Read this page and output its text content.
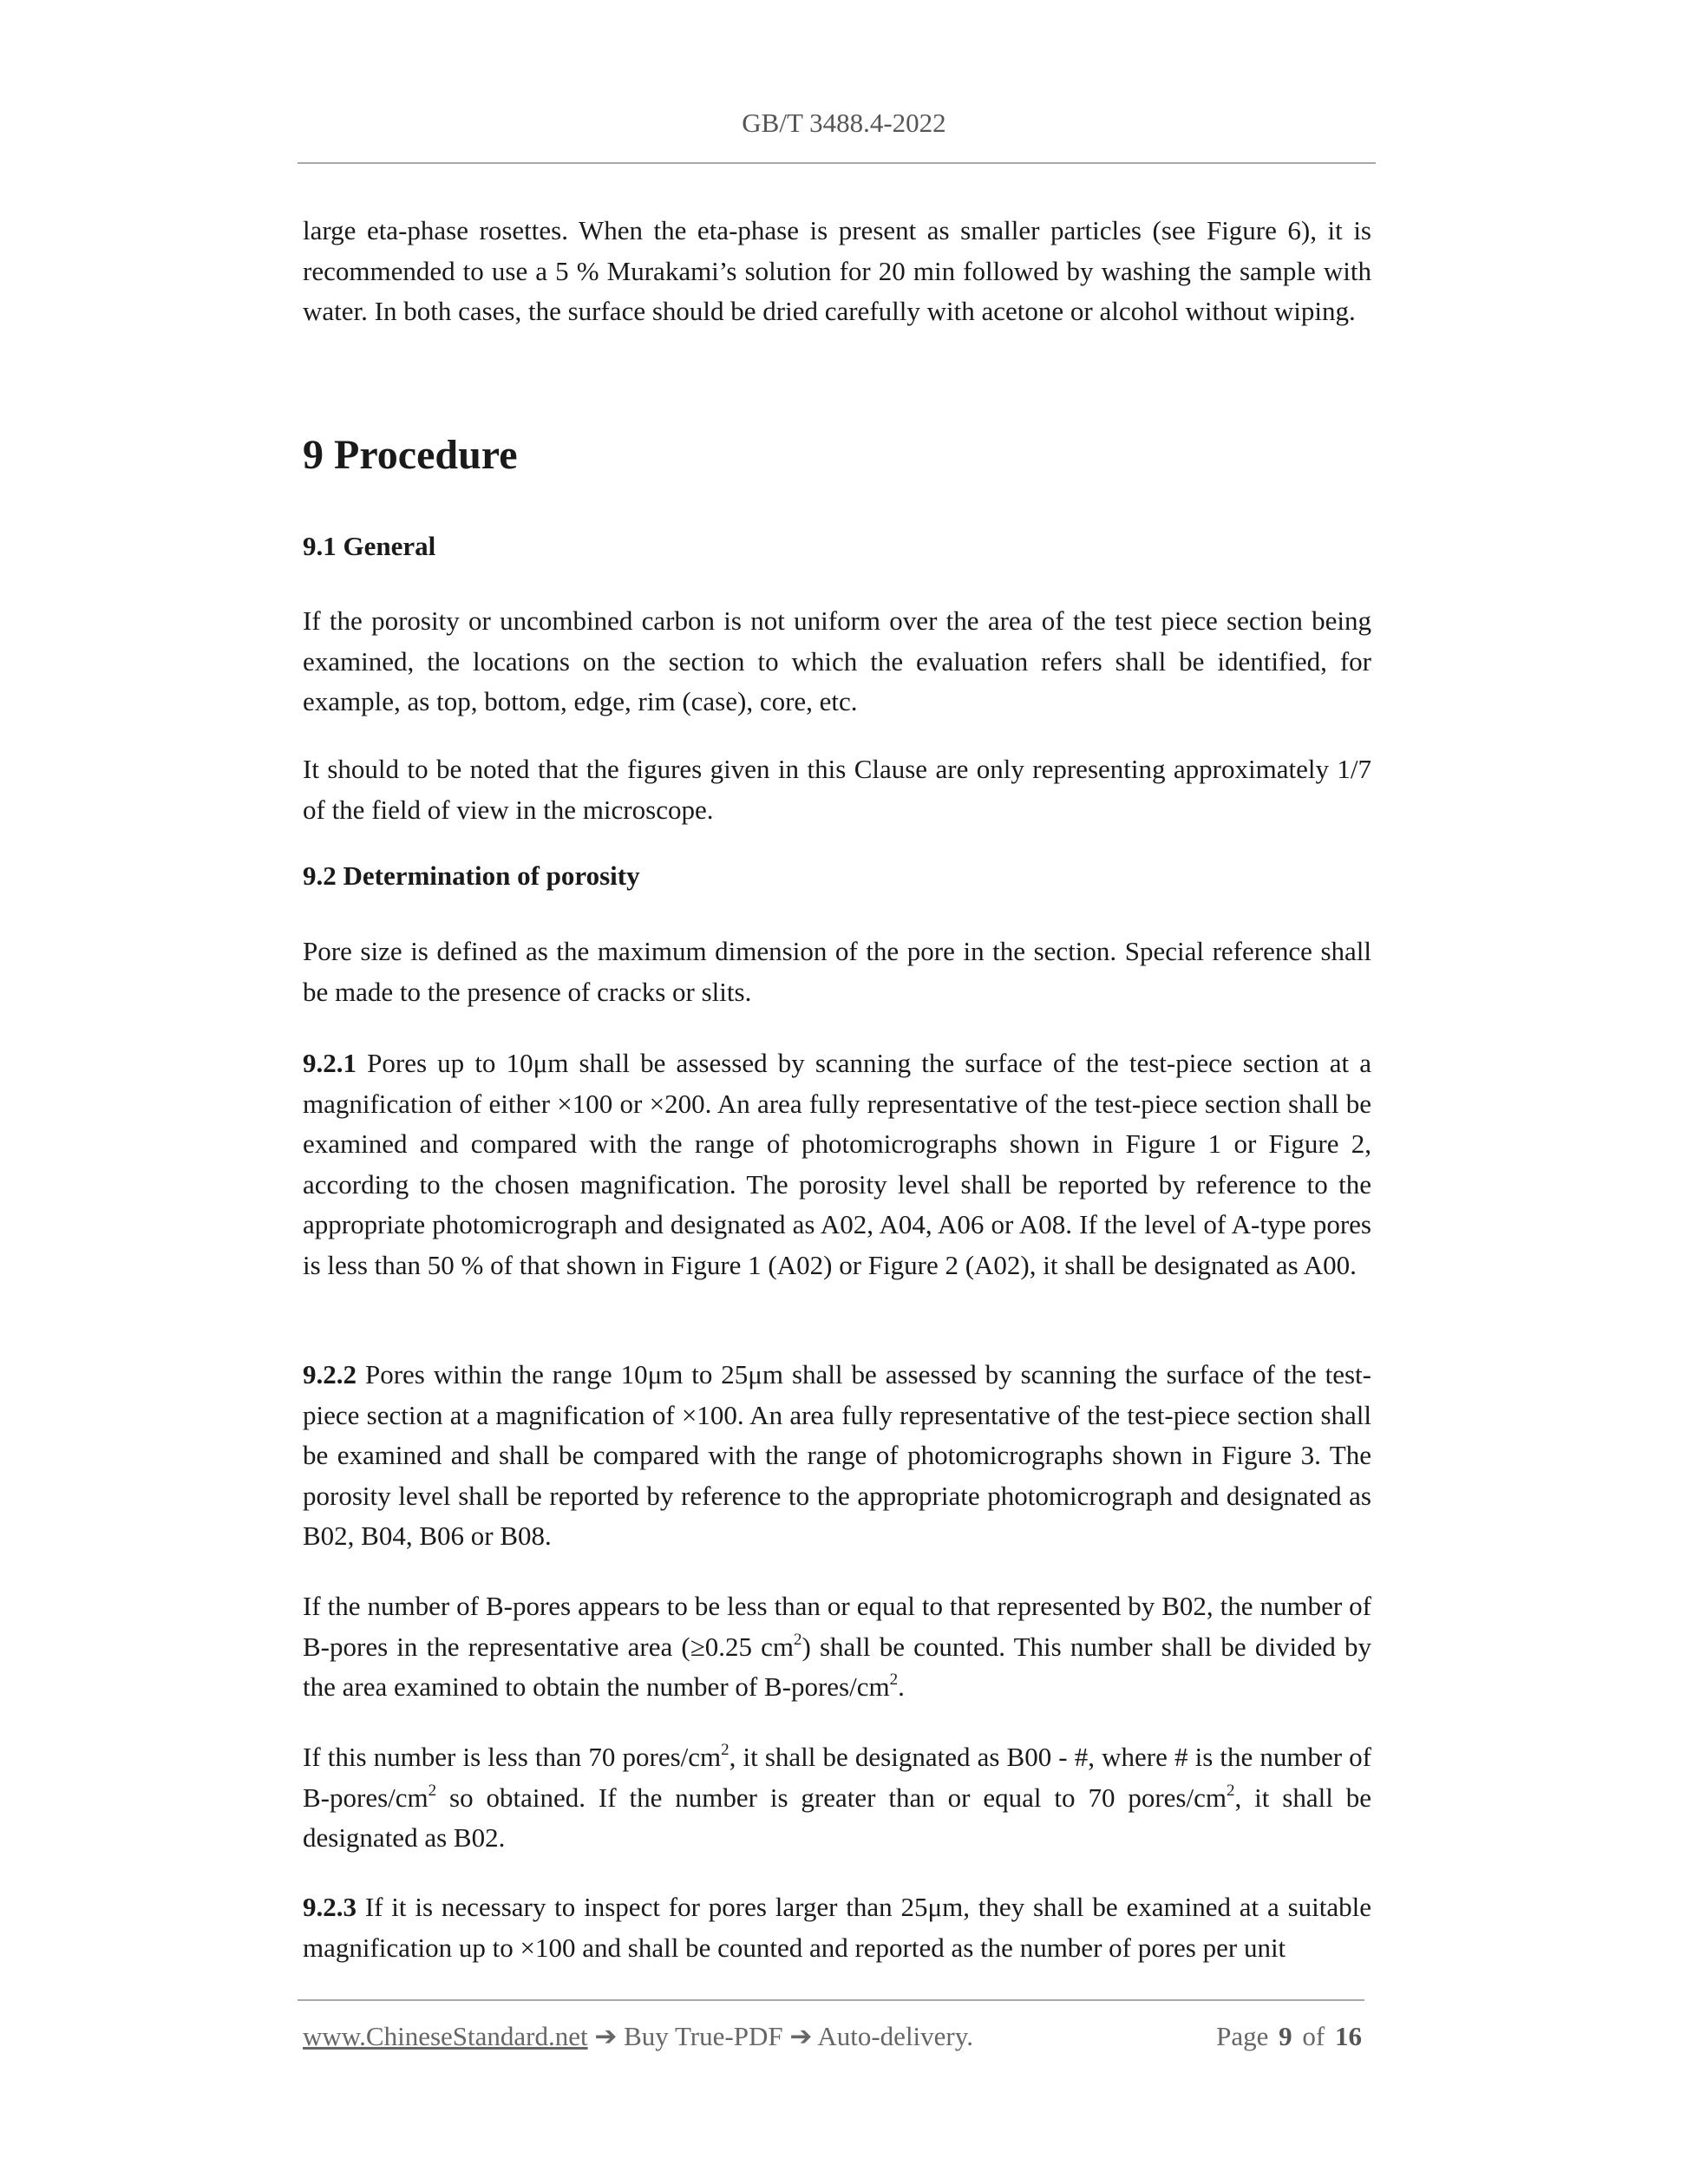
GB/T 3488.4-2022
large eta-phase rosettes. When the eta-phase is present as smaller particles (see Figure 6), it is recommended to use a 5 % Murakami’s solution for 20 min followed by washing the sample with water. In both cases, the surface should be dried carefully with acetone or alcohol without wiping.
9 Procedure
9.1 General
If the porosity or uncombined carbon is not uniform over the area of the test piece section being examined, the locations on the section to which the evaluation refers shall be identified, for example, as top, bottom, edge, rim (case), core, etc.
It should to be noted that the figures given in this Clause are only representing approximately 1/7 of the field of view in the microscope.
9.2 Determination of porosity
Pore size is defined as the maximum dimension of the pore in the section. Special reference shall be made to the presence of cracks or slits.
9.2.1 Pores up to 10μm shall be assessed by scanning the surface of the test-piece section at a magnification of either ×100 or ×200. An area fully representative of the test-piece section shall be examined and compared with the range of photomicrographs shown in Figure 1 or Figure 2, according to the chosen magnification. The porosity level shall be reported by reference to the appropriate photomicrograph and designated as A02, A04, A06 or A08. If the level of A-type pores is less than 50 % of that shown in Figure 1 (A02) or Figure 2 (A02), it shall be designated as A00.
9.2.2 Pores within the range 10μm to 25μm shall be assessed by scanning the surface of the test-piece section at a magnification of ×100. An area fully representative of the test-piece section shall be examined and shall be compared with the range of photomicrographs shown in Figure 3. The porosity level shall be reported by reference to the appropriate photomicrograph and designated as B02, B04, B06 or B08.
If the number of B-pores appears to be less than or equal to that represented by B02, the number of B-pores in the representative area (≥0.25 $cm^2$) shall be counted. This number shall be divided by the area examined to obtain the number of $B-pores/cm^2$.
If this number is less than 70 pores/$cm^2$, it shall be designated as B00 - #, where # is the number of $B-pores/cm^2$ so obtained. If the number is greater than or equal to 70 pores/$cm^2$, it shall be designated as B02.
9.2.3 If it is necessary to inspect for pores larger than 25μm, they shall be examined at a suitable magnification up to ×100 and shall be counted and reported as the number of pores per unit
www.ChineseStandard.net ➔ Buy True-PDF ➔ Auto-delivery.	Page 9 of 16
